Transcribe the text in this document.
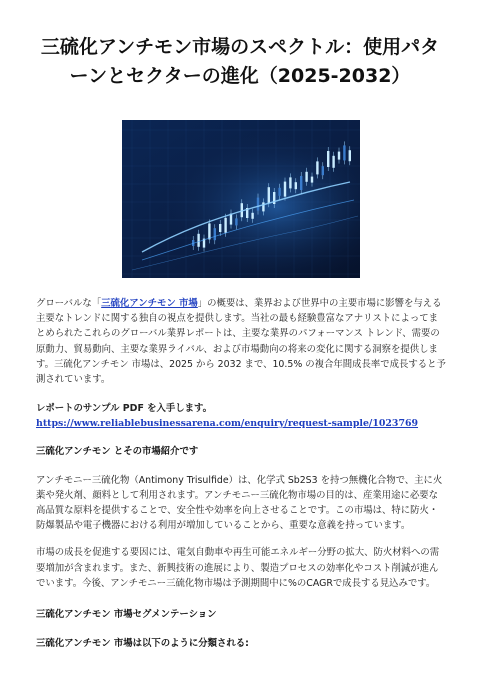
三硫化アンチモン市場のスペクトル：使用パタ
ーンとセクターの進化（2025-2032）

グローバルな「三硫化アンチモン 市場」の概要は、業界および世界中の主要市場に影響を与える主要なトレンドに関する独自の視点を提供します。当社の最も経験豊富なアナリストによってまとめられたこれらのグローバル業界レポートは、主要な業界のパフォーマンス トレンド、需要の原動力、貿易動向、主要な業界ライバル、および市場動向の将来の変化に関する洞察を提供します。三硫化アンチモン 市場は、2025 から 2032 まで、10.5% の複合年間成長率で成長すると予測されています。

レポートのサンプル PDF を入手します。https://www.reliablebusinessarena.com/enquiry/request-sample/1023769

三硫化アンチモン とその市場紹介です

アンチモニー三硫化物（Antimony Trisulfide）は、化学式 Sb2S3 を持つ無機化合物で、主に火薬や発火剤、顔料として利用されます。アンチモニー三硫化物市場の目的は、産業用途に必要な高品質な原料を提供することで、安全性や効率を向上させることです。この市場は、特に防火・防爆製品や電子機器における利用が増加していることから、重要な意義を持っています。

市場の成長を促進する要因には、電気自動車や再生可能エネルギー分野の拡大、防火材料への需要増加が含まれます。また、新興技術の進展により、製造プロセスの効率化やコスト削減が進んでいます。今後、アンチモニー三硫化物市場は予測期間中に%のCAGRで成長する見込みです。

三硫化アンチモン 市場セグメンテーション
三硫化アンチモン 市場は以下のように分類される:
